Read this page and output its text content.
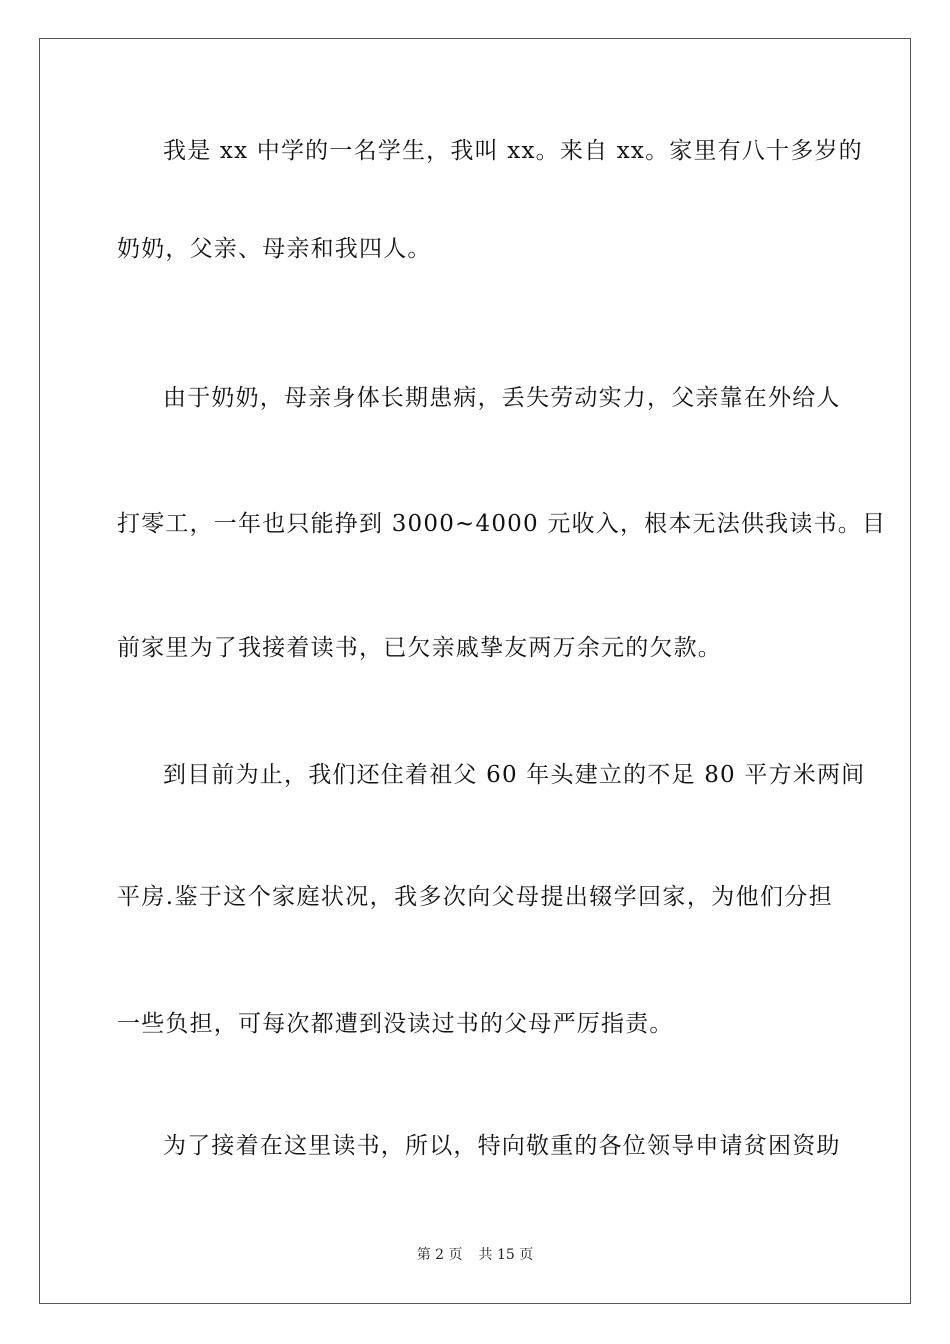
我是 xx 中学的一名学生，我叫 xx。来自 xx。家里有八十多岁的
奶奶，父亲、母亲和我四人。
由于奶奶，母亲身体长期患病，丢失劳动实力，父亲靠在外给人
打零工，一年也只能挣到 3000~4000 元收入，根本无法供我读书。目
前家里为了我接着读书，已欠亲戚挚友两万余元的欠款。
到目前为止，我们还住着祖父 60 年头建立的不足 80 平方米两间
平房.鉴于这个家庭状况，我多次向父母提出辍学回家，为他们分担
一些负担，可每次都遭到没读过书的父母严厉指责。
为了接着在这里读书，所以，特向敬重的各位领导申请贫困资助
第 2 页 共 15 页
